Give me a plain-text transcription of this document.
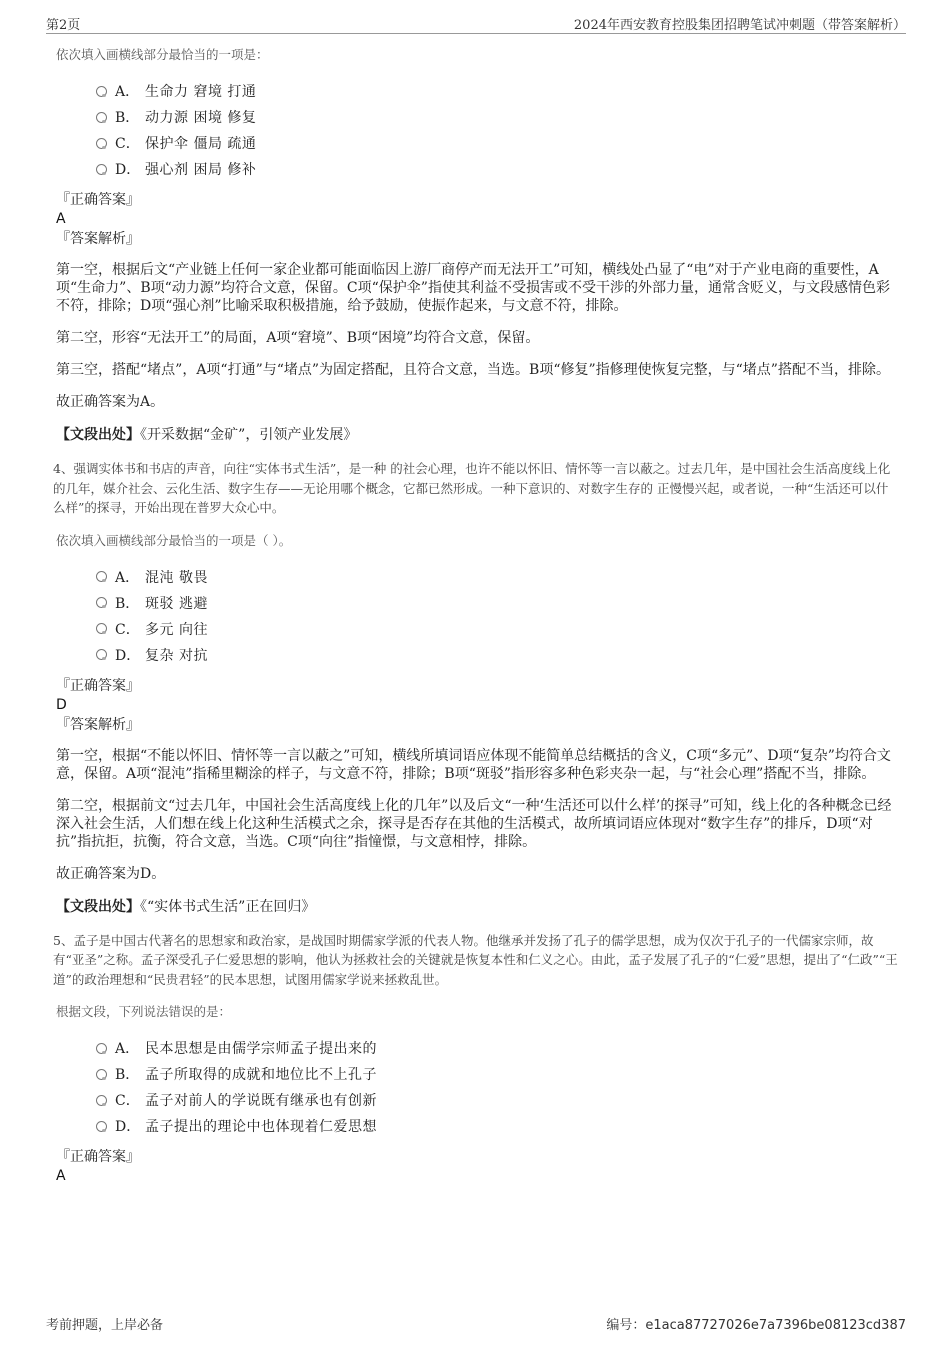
第2页	2024年西安教育控股集团招聘笔试冲刺题（带答案解析）
依次填入画横线部分最恰当的一项是：
A． 生命力 窘境 打通
B． 动力源 困境 修复
C． 保护伞 僵局 疏通
D． 强心剂 困局 修补
『正确答案』
A
『答案解析』
第一空，根据后文“产业链上任何一家企业都可能面临因上游厂商停产而无法开工”可知，横线处凸显了“电”对于产业电商的重要性，A项“生命力”、B项“动力源”均符合文意，保留。C项“保护伞”指使其利益不受损害或不受干涉的外部力量，通常含贬义，与文段感情色彩不符，排除；D项“强心剂”比喻采取积极措施，给予鼓励，使振作起来，与文意不符，排除。
第二空，形容“无法开工”的局面，A项“窘境”、B项“困境”均符合文意，保留。
第三空，搭配“堵点”，A项“打通”与“堵点”为固定搭配，且符合文意，当选。B项“修复”指修理使恢复完整，与“堵点”搭配不当，排除。
故正确答案为A。
【文段出处】《开采数据“金矿”，引领产业发展》
4、强调实体书和书店的声音，向往“实体书式生活”，是一种 的社会心理，也许不能以怀旧、情怀等一言以蔽之。过去几年，是中国社会生活高度线上化的几年，媒介社会、云化生活、数字生存——无论用哪个概念，它都已然形成。一种下意识的、对数字生存的 正慢慢兴起，或者说，一种“生活还可以什么样”的探寻，开始出现在普罗大众心中。
依次填入画横线部分最恰当的一项是（ ）。
A． 混沌 敬畏
B． 斑驳 逃避
C． 多元 向往
D． 复杂 对抗
『正确答案』
D
『答案解析』
第一空，根据“不能以怀旧、情怀等一言以蔽之”可知，横线所填词语应体现不能简单总结概括的含义，C项“多元”、D项“复杂”均符合文意，保留。A项“混沌”指稀里糊涂的样子，与文意不符，排除；B项“斑驳”指形容多种色彩夹杂一起，与“社会心理”搭配不当，排除。
第二空，根据前文“过去几年，中国社会生活高度线上化的几年”以及后文“一种‘生活还可以什么样’的探寻”可知，线上化的各种概念已经深入社会生活，人们想在线上化这种生活模式之余，探寻是否存在其他的生活模式，故所填词语应体现对“数字生存”的排斥，D项“对抗”指抗拒，抗衡，符合文意，当选。C项“向往”指憧憬，与文意相悖，排除。
故正确答案为D。
【文段出处】《“实体书式生活”正在回归》
5、孟子是中国古代著名的思想家和政治家，是战国时期儒家学派的代表人物。他继承并发扬了孔子的儒学思想，成为仅次于孔子的一代儒家宗师，故有“亚圣”之称。孟子深受孔子仁爱思想的影响，他认为拯救社会的关键就是恢复本性和仁义之心。由此，孟子发展了孔子的“仁爱”思想，提出了“仁政”“王道”的政治理想和“民贵君轻”的民本思想，试图用儒家学说来拯救乱世。
根据文段，下列说法错误的是：
A． 民本思想是由儒学宗师孟子提出来的
B． 孟子所取得的成就和地位比不上孔子
C． 孟子对前人的学说既有继承也有创新
D． 孟子提出的理论中也体现着仁爱思想
『正确答案』
A
考前押题，上岸必备	编号：e1aca87727026e7a7396be08123cd387
